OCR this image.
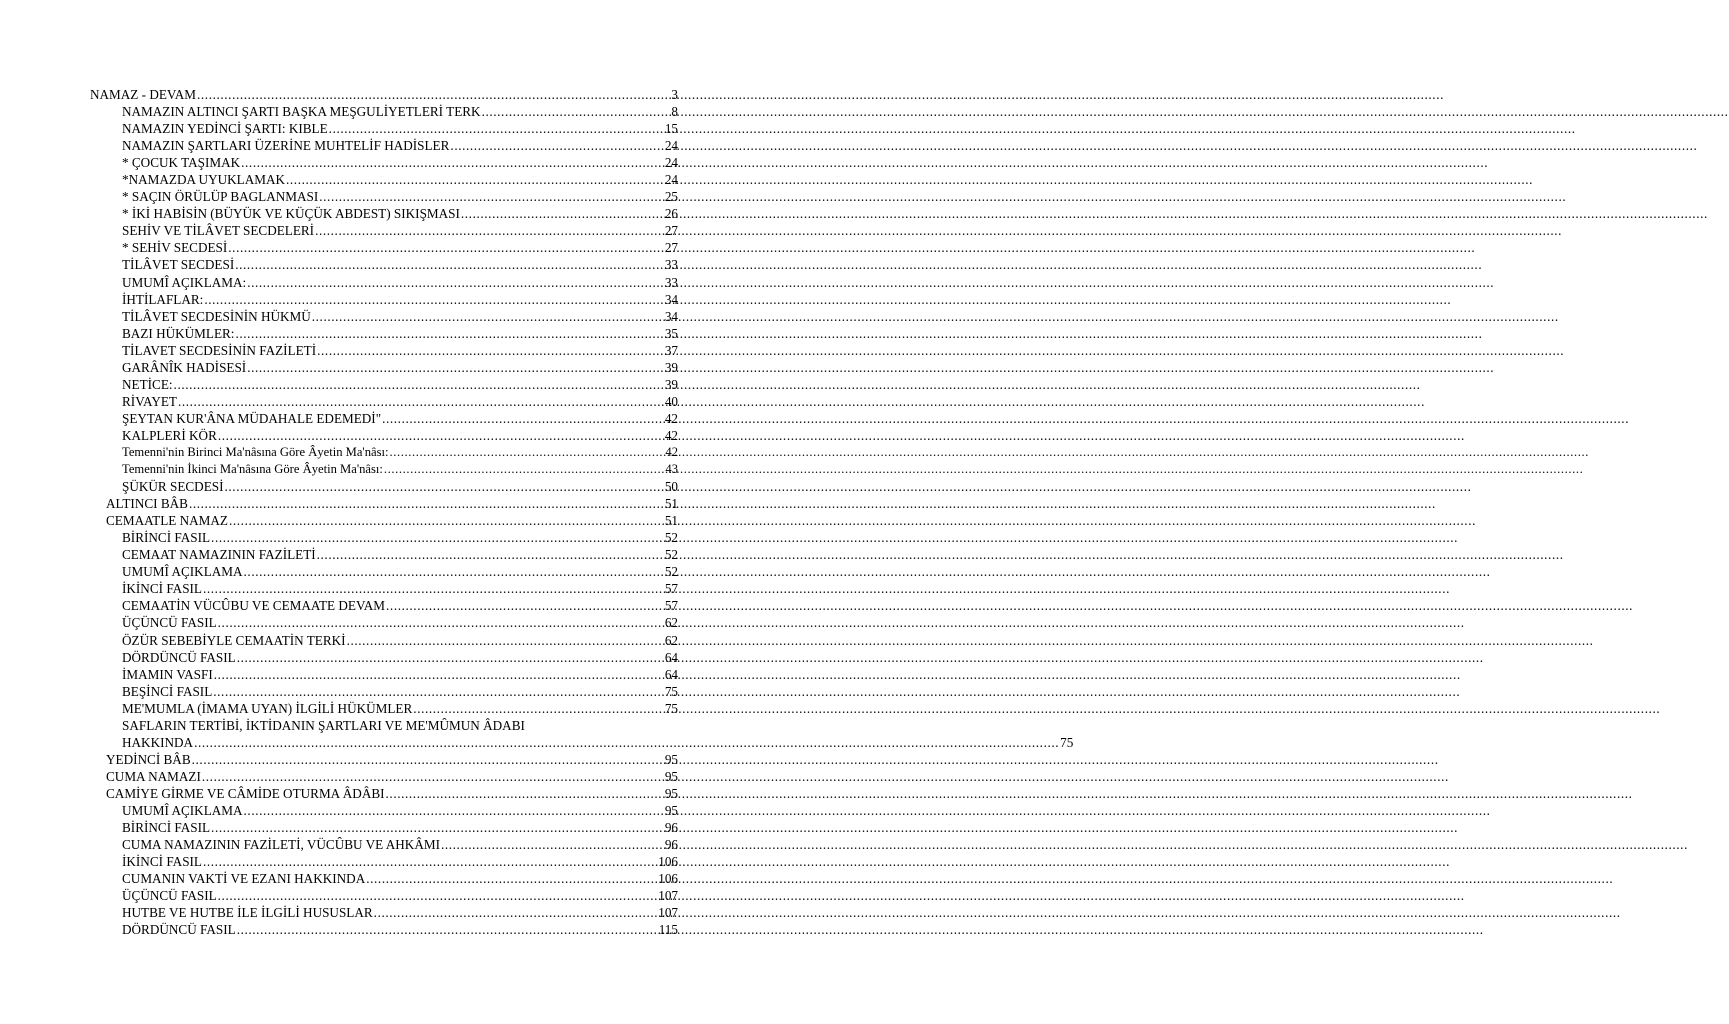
NAMAZ - DEVAM .....	3
NAMAZIN ALTINCI ŞARTI BAŞKA MEŞGULİYETLERİ TERK .....	8
NAMAZIN YEDİNCİ ŞARTI: KIBLE .....	15
NAMAZIN ŞARTLARI ÜZERİNE MUHTELİF HADİSLER .....	24
* ÇOCUK TAŞIMAK .....	24
*NAMAZDA UYUKLAMAK .....	24
* SAÇIN ÖRÜLÜP BAGLANMASI .....	25
* İKİ HABİSİN (BÜYÜK VE KÜÇÜK ABDEST) SIKIŞMASI .....	26
SEHİV VE TİLÂVET SECDELERİ .....	27
* SEHİV SECDESİ .....	27
TİLÂVET SECDESİ .....	33
UMUMÎ AÇIKLAMA: .....	33
İHTİLAFLAR: .....	34
TİLÂVET SECDESİNİN HÜKMÜ .....	34
BAZI HÜKÜMLER: .....	35
TİLAVET SECDESİNİN FAZİLETİ .....	37
GARÂNÎK HADİSESİ .....	39
NETİCE: .....	39
RİVAYET .....	40
ŞEYTAN KUR'ÂNA MÜDAHALE EDEMEDİ" .....	42
KALPLERİ KÖR .....	42
Temenni'nin Birinci Ma'nâsına Göre Âyetin Ma'nâsı: .....	42
Temenni'nin İkinci Ma'nâsına Göre Âyetin Ma'nâsı: .....	43
ŞÜKÜR SECDESİ .....	50
ALTINCI BÂB .....	51
CEMAATLE NAMAZ .....	51
BİRİNCİ FASIL .....	52
CEMAAT NAMAZININ FAZİLETİ .....	52
UMUMÎ AÇIKLAMA .....	52
İKİNCİ FASIL .....	57
CEMAATİN VÜCÛBU VE CEMAATE DEVAM .....	57
ÜÇÜNCÜ FASIL .....	62
ÖZÜR SEBEBİYLE CEMAATİN TERKİ .....	62
DÖRDÜNCÜ FASIL .....	64
İMAMIN VASFI .....	64
BEŞİNCİ FASIL .....	75
ME'MUMLA (İMAMA UYAN) İLGİLİ HÜKÜMLER .....	75
SAFLARIN TERTİBİ, İKTİDANIN ŞARTLARI VE ME'MÛMUN ÂDABI
HAKKINDA .............................................................................................................................................................................................................................. 75
YEDİNCİ BÂB .....	95
CUMA NAMAZI .....	95
CAMİYE GİRME VE CÂMİDE OTURMA ÂDÂBI .....	95
UMUMÎ AÇIKLAMA .....	95
BİRİNCİ FASIL .....	96
CUMA NAMAZININ FAZİLETİ, VÜCÛBU VE AHKÂMI .....	96
İKİNCİ FASIL .....	106
CUMANIN VAKTİ VE EZANI HAKKINDA .....	106
ÜÇÜNCÜ FASIL .....	107
HUTBE VE HUTBE İLE İLGİLİ HUSUSLAR .....	107
DÖRDÜNCÜ FASIL .....	115
